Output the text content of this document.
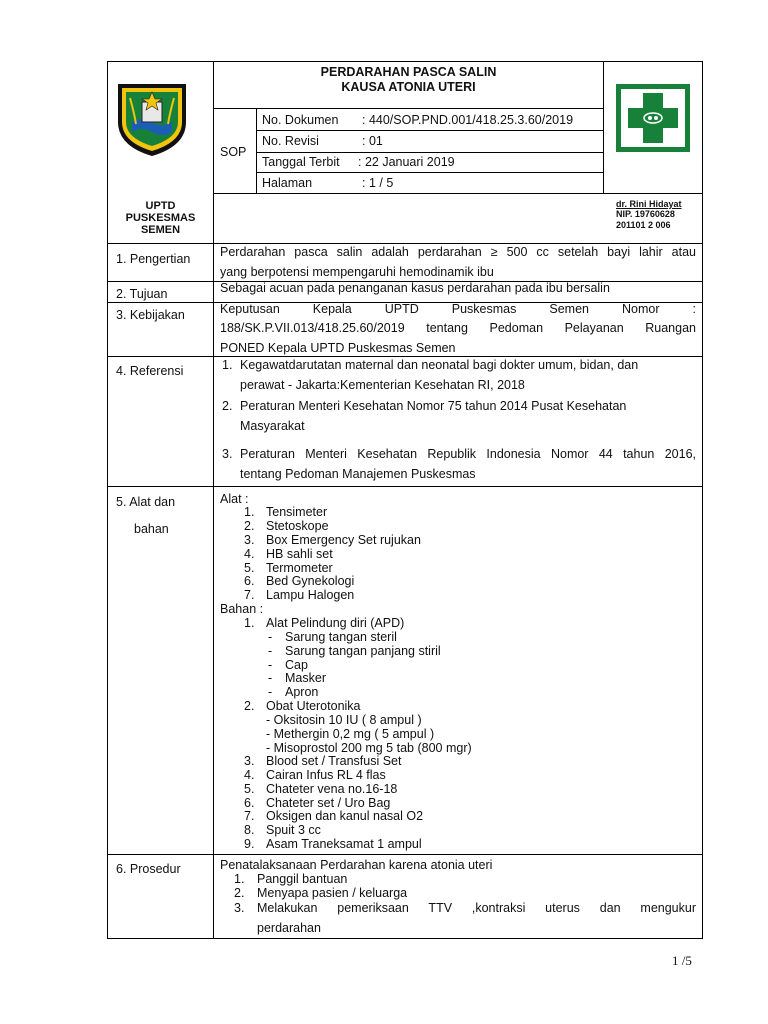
PERDARAHAN PASCA SALIN
KAUSA ATONIA UTERI
SOP
No. Dokumen : 440/SOP.PND.001/418.25.3.60/2019
No. Revisi	: 01
Tanggal Terbit : 22 Januari 2019
Halaman	: 1 / 5
UPTD
PUSKESMAS
SEMEN
dr. Rini Hidayat
NIP. 19760628
201101 2 006
1. Pengertian Perdarahan pasca salin adalah perdarahan ≥ 500 cc setelah bayi lahir atau
yang berpotensi mempengaruhi hemodinamik ibu
2. Tujuan	Sebagai acuan pada penanganan kasus perdarahan pada ibu bersalin
3. Kebijakan	Keputusan Kepala UPTD Puskesmas Semen Nomor :
188/SK.P.VII.013/418.25.60/2019 tentang Pedoman Pelayanan Ruangan
PONED Kepala UPTD Puskesmas Semen
4. Referensi	1. Kegawatdarutatan maternal dan neonatal bagi dokter umum, bidan, dan
perawat - Jakarta:Kementerian Kesehatan RI, 2018
2. Peraturan Menteri Kesehatan Nomor 75 tahun 2014 Pusat Kesehatan
Masyarakat
3. Peraturan Menteri Kesehatan Republik Indonesia Nomor 44 tahun 2016,
tentang Pedoman Manajemen Puskesmas
5. Alat dan
bahan
Alat :
1. Tensimeter
2. Stetoskope
3. Box Emergency Set rujukan
4. HB sahli set
5. Termometer
6. Bed Gynekologi
7. Lampu Halogen
Bahan :
1. Alat Pelindung diri (APD)
- Sarung tangan steril
- Sarung tangan panjang stiril
- Cap
- Masker
- Apron
2. Obat Uterotonika
- Oksitosin 10 IU ( 8 ampul )
- Methergin 0,2 mg ( 5 ampul )
- Misoprostol 200 mg 5 tab (800 mgr)
3. Blood set / Transfusi Set
4. Cairan Infus RL 4 flas
5. Chateter vena no.16-18
6. Chateter set / Uro Bag
7. Oksigen dan kanul nasal O2
8. Spuit 3 cc
9. Asam Traneksamat 1 ampul
6. Prosedur	Penatalaksanaan Perdarahan karena atonia uteri
1. Panggil bantuan
2. Menyapa pasien / keluarga
3. Melakukan pemeriksaan TTV ,kontraksi uterus dan mengukur
perdarahan
1 /5
